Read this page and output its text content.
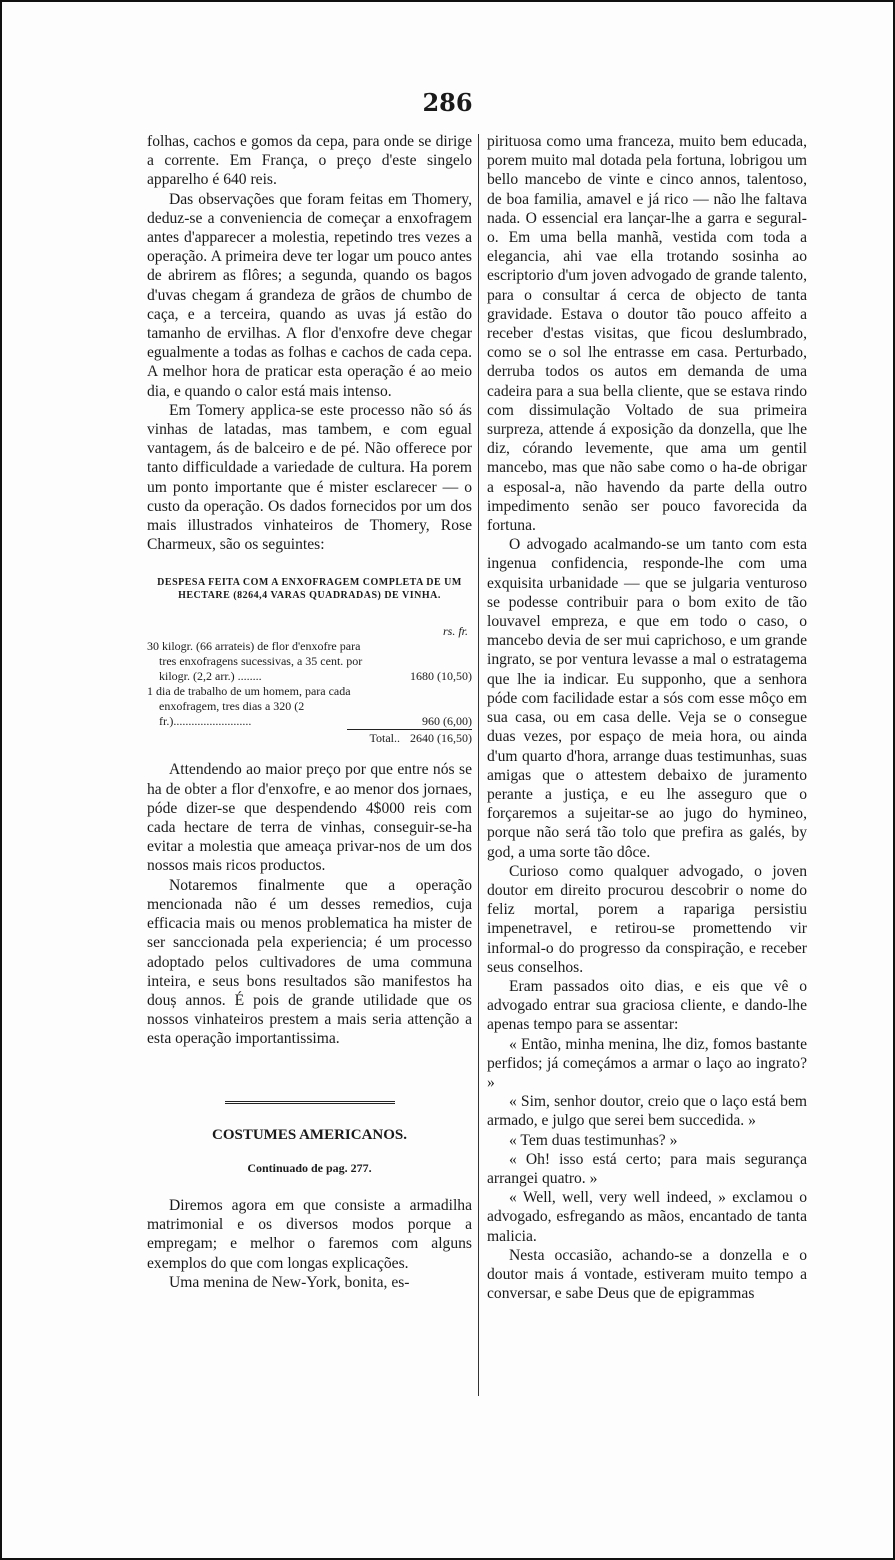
286

folhas, cachos e gomos da cepa, para onde se dirige a corrente. Em França, o preço d'este singelo apparelho é 640 reis.

Das observações que foram feitas em Thomery, deduz-se a conveniencia de começar a enxofragem antes d'apparecer a molestia, repetindo tres vezes a operação. A primeira deve ter logar um pouco antes de abrirem as flôres; a segunda, quando os bagos d'uvas chegam á grandeza de grãos de chumbo de caça, e a terceira, quando as uvas já estão do tamanho de ervilhas. A flor d'enxofre deve chegar egualmente a todas as folhas e cachos de cada cepa. A melhor hora de praticar esta operação é ao meio dia, e quando o calor está mais intenso.

Em Tomery applica-se este processo não só ás vinhas de latadas, mas tambem, e com egual vantagem, ás de balceiro e de pé. Não offerece por tanto difficuldade a variedade de cultura. Ha porem um ponto importante que é mister esclarecer — o custo da operação. Os dados fornecidos por um dos mais illustrados vinhateiros de Thomery, Rose Charmeux, são os seguintes:

DESPESA FEITA COM A ENXOFRAGEM COMPLETA DE UM HECTARE (8264,4 VARAS QUADRADAS) DE VINHA.
rs. fr.
30 kilogr. (66 arrateis) de flor d'enxofre para tres enxofragens sucessivas, a 35 cent. por kilogr. (2,2 arr.) ........	1680 (10,50)
1 dia de trabalho de um homem, para cada enxofragem, tres dias a 320 (2 fr.)..........................	960 (6,00)
Total.. 2640 (16,50)

Attendendo ao maior preço por que entre nós se ha de obter a flor d'enxofre, e ao menor dos jornaes, póde dizer-se que despendendo 4$000 reis com cada hectare de terra de vinhas, conseguir-se-ha evitar a molestia que ameaça privar-nos de um dos nossos mais ricos productos.

Notaremos finalmente que a operação mencionada não é um desses remedios, cuja efficacia mais ou menos problematica ha mister de ser sanccionada pela experiencia; é um processo adoptado pelos cultivadores de uma communa inteira, e seus bons resultados são manifestos ha douș annos. É pois de grande utilidade que os nossos vinhateiros prestem a mais seria attenção a esta operação importantissima.

COSTUMES AMERICANOS.
Continuado de pag. 277.

Diremos agora em que consiste a armadilha matrimonial e os diversos modos porque a empregam; e melhor o faremos com alguns exemplos do que com longas explicações.

Uma menina de New-York, bonita, es-

pirituosa como uma franceza, muito bem educada, porem muito mal dotada pela fortuna, lobrigou um bello mancebo de vinte e cinco annos, talentoso, de boa familia, amavel e já rico — não lhe faltava nada. O essencial era lançar-lhe a garra e segural-o. Em uma bella manhã, vestida com toda a elegancia, ahi vae ella trotando sosinha ao escriptorio d'um joven advogado de grande talento, para o consultar á cerca de objecto de tanta gravidade. Estava o doutor tão pouco affeito a receber d'estas visitas, que ficou deslumbrado, como se o sol lhe entrasse em casa. Perturbado, derruba todos os autos em demanda de uma cadeira para a sua bella cliente, que se estava rindo com dissimulação Voltado de sua primeira surpreza, attende á exposição da donzella, que lhe diz, córando levemente, que ama um gentil mancebo, mas que não sabe como o ha-de obrigar a esposal-a, não havendo da parte della outro impedimento senão ser pouco favorecida da fortuna.

O advogado acalmando-se um tanto com esta ingenua confidencia, responde-lhe com uma exquisita urbanidade — que se julgaria venturoso se podesse contribuir para o bom exito de tão louvavel empreza, e que em todo o caso, o mancebo devia de ser mui caprichoso, e um grande ingrato, se por ventura levasse a mal o estratagema que lhe ia indicar. Eu supponho, que a senhora póde com facilidade estar a sós com esse môço em sua casa, ou em casa delle. Veja se o consegue duas vezes, por espaço de meia hora, ou ainda d'um quarto d'hora, arrange duas testimunhas, suas amigas que o attestem debaixo de juramento perante a justiça, e eu lhe asseguro que o forçaremos a sujeitar-se ao jugo do hymineo, porque não será tão tolo que prefira as galés, by god, a uma sorte tão dôce.

Curioso como qualquer advogado, o joven doutor em direito procurou descobrir o nome do feliz mortal, porem a rapariga persistiu impenetravel, e retirou-se promettendo vir informal-o do progresso da conspiração, e receber seus conselhos.

Eram passados oito dias, e eis que vê o advogado entrar sua graciosa cliente, e dando-lhe apenas tempo para se assentar:

« Então, minha menina, lhe diz, fomos bastante perfidos; já começámos a armar o laço ao ingrato? »

« Sim, senhor doutor, creio que o laço está bem armado, e julgo que serei bem succedida. »

« Tem duas testimunhas? »

« Oh! isso está certo; para mais segurança arrangei quatro. »

« Well, well, very well indeed, » exclamou o advogado, esfregando as mãos, encantado de tanta malicia.

Nesta occasião, achando-se a donzella e o doutor mais á vontade, estiveram muito tempo a conversar, e sabe Deus que de epigrammas
